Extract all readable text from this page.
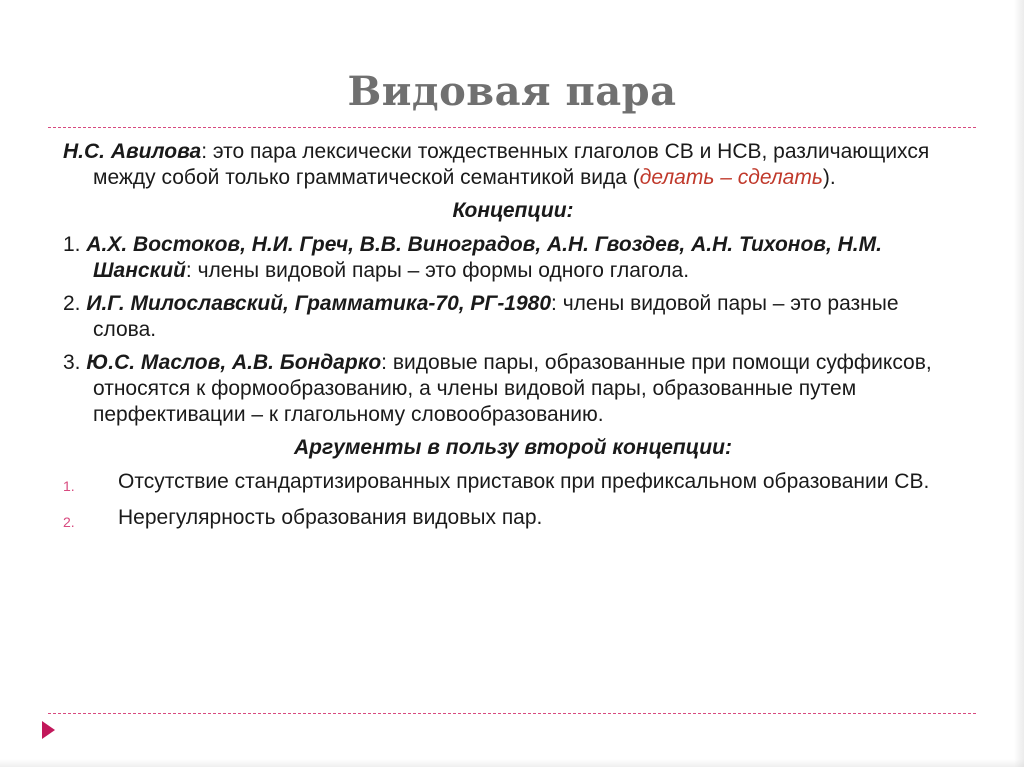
Видовая пара

Н.С. Авилова: это пара лексически тождественных глаголов СВ и НСВ, различающихся между собой только грамматической семантикой вида (делать – сделать).

Концепции:

1. А.Х. Востоков, Н.И. Греч, В.В. Виноградов, А.Н. Гвоздев, А.Н. Тихонов, Н.М. Шанский: члены видовой пары – это формы одного глагола.

2. И.Г. Милославский, Грамматика-70, РГ-1980: члены видовой пары – это разные слова.

3. Ю.С. Маслов, А.В. Бондарко: видовые пары, образованные при помощи суффиксов, относятся к формообразованию, а члены видовой пары, образованные путем перфективации – к глагольному словообразованию.

Аргументы в пользу второй концепции:

1. Отсутствие стандартизированных приставок при префиксальном образовании СВ.
2. Нерегулярность образования видовых пар.
